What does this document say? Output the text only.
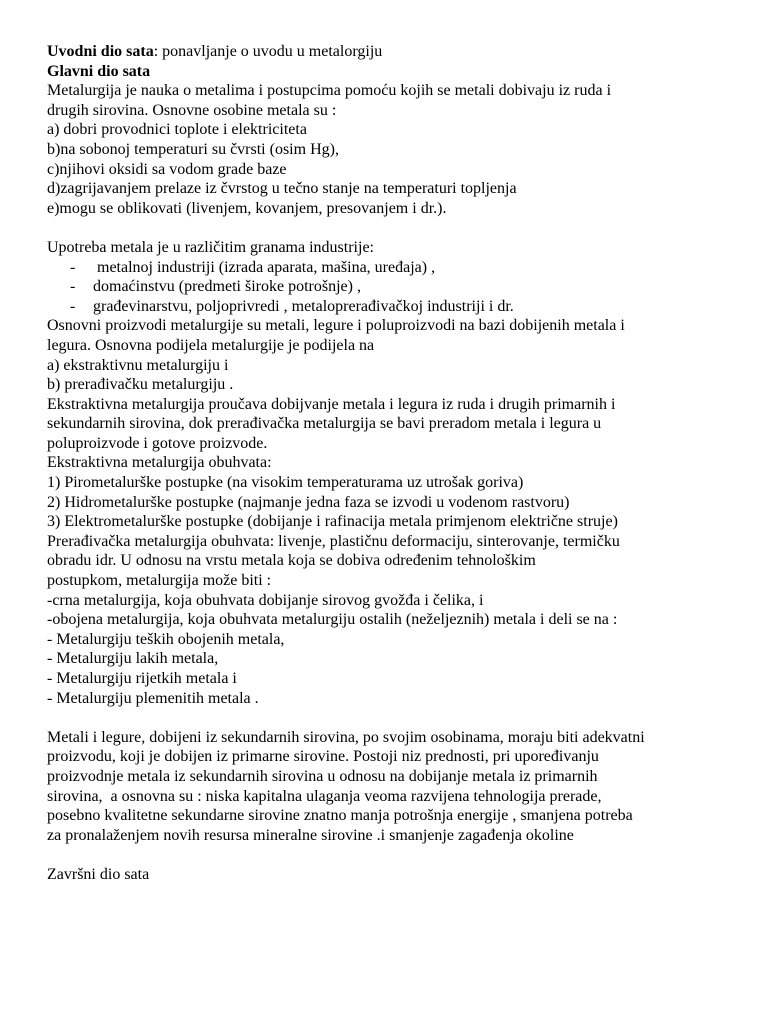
Uvodni dio sata: ponavljanje o uvodu u metalorgiju
Glavni dio sata
Metalurgija je nauka o metalima i postupcima pomoću kojih se metali dobivaju iz ruda i
drugih sirovina. Osnovne osobine metala su :
a) dobri provodnici toplote i elektriciteta
b)na sobonoj temperaturi su čvrsti (osim Hg),
c)njihovi oksidi sa vodom grade baze
d)zagrijavanjem prelaze iz čvrstog u tečno stanje na temperaturi topljenja
e)mogu se oblikovati (livenjem, kovanjem, presovanjem i dr.).
Upotreba metala je u različitim granama industrije:
- metalnoj industriji (izrada aparata, mašina, uređaja) ,
- domaćinstvu (predmeti široke potrošnje) ,
- građevinarstvu, poljoprivredi , metaloprerađivačkoj industriji i dr.
Osnovni proizvodi metalurgije su metali, legure i poluproizvodi na bazi dobijenih metala i
legura. Osnovna podijela metalurgije je podijela na
a) ekstraktivnu metalurgiju i
b) prerađivačku metalurgiju .
Ekstraktivna metalurgija proučava dobijvanje metala i legura iz ruda i drugih primarnih i
sekundarnih sirovina, dok prerađivačka metalurgija se bavi preradom metala i legura u
poluproizvode i gotove proizvode.
Ekstraktivna metalurgija obuhvata:
1) Pirometalurške postupke (na visokim temperaturama uz utrošak goriva)
2) Hidrometalurške postupke (najmanje jedna faza se izvodi u vodenom rastvoru)
3) Elektrometalurške postupke (dobijanje i rafinacija metala primjenom električne struje)
Prerađivačka metalurgija obuhvata: livenje, plastičnu deformaciju, sinterovanje, termičku
obradu idr. U odnosu na vrstu metala koja se dobiva određenim tehnološkim
postupkom, metalurgija može biti :
-crna metalurgija, koja obuhvata dobijanje sirovog gvožđa i čelika, i
-obojena metalurgija, koja obuhvata metalurgiju ostalih (neželjeznih) metala i deli se na :
- Metalurgiju teških obojenih metala,
- Metalurgiju lakih metala,
- Metalurgiju rijetkih metala i
- Metalurgiju plemenitih metala .
Metali i legure, dobijeni iz sekundarnih sirovina, po svojim osobinama, moraju biti adekvatni
proizvodu, koji je dobijen iz primarne sirovine. Postoji niz prednosti, pri upoređivanju
proizvodnje metala iz sekundarnih sirovina u odnosu na dobijanje metala iz primarnih
sirovina,  a osnovna su : niska kapitalna ulaganja veoma razvijena tehnologija prerade,
posebno kvalitetne sekundarne sirovine znatno manja potrošnja energije , smanjena potreba
za pronalaženjem novih resursa mineralne sirovine .i smanjenje zagađenja okoline
Završni dio sata
